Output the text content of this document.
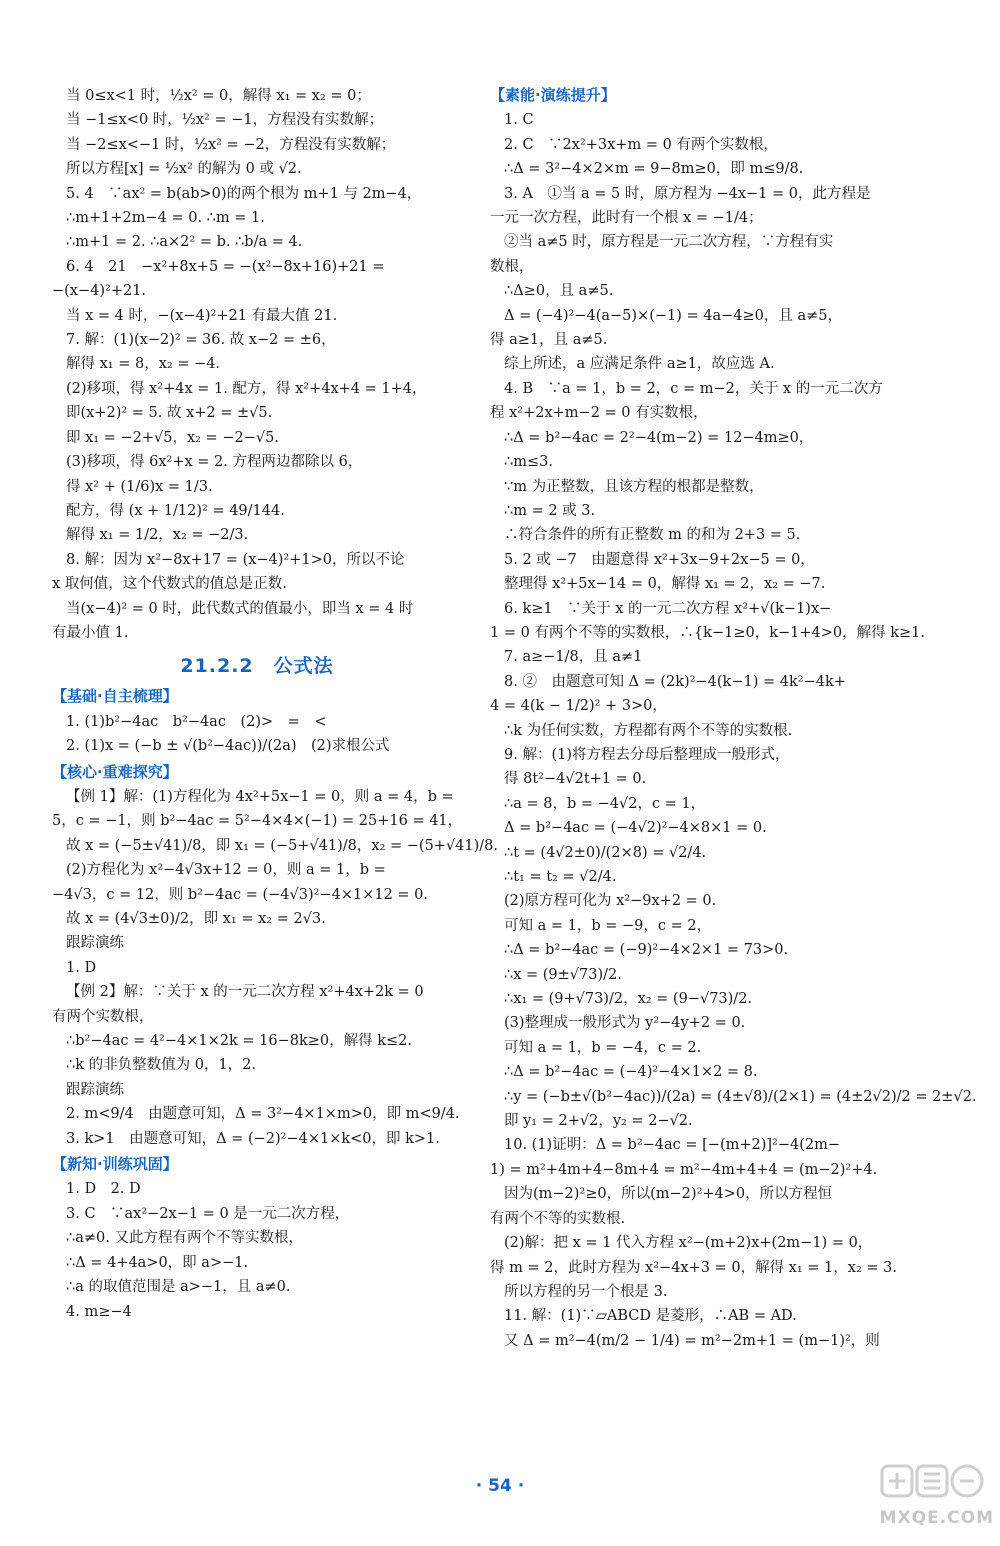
当 0≤x<1 时，½x² = 0，解得 x₁ = x₂ = 0；
当 −1≤x<0 时，½x² = −1，方程没有实数解；
当 −2≤x<−1 时，½x² = −2，方程没有实数解；
所以方程[x] = ½x² 的解为 0 或 √2.
5. 4　∵ax² = b(ab>0)的两个根为 m+1 与 2m−4，
∴m+1+2m−4 = 0. ∴m = 1.
∴m+1 = 2. ∴a×2² = b. ∴b/a = 4.
6. 4　21　−x²+8x+5 = −(x²−8x+16)+21 =
−(x−4)²+21.
当 x = 4 时，−(x−4)²+21 有最大值 21.
7. 解：(1)(x−2)² = 36. 故 x−2 = ±6，
解得 x₁ = 8，x₂ = −4.
(2)移项，得 x²+4x = 1. 配方，得 x²+4x+4 = 1+4，
即(x+2)² = 5. 故 x+2 = ±√5.
即 x₁ = −2+√5，x₂ = −2−√5.
(3)移项，得 6x²+x = 2. 方程两边都除以 6，
得 x² + (1/6)x = 1/3.
配方，得 (x + 1/12)² = 49/144.
解得 x₁ = 1/2，x₂ = −2/3.
8. 解：因为 x²−8x+17 = (x−4)²+1>0，所以不论
x 取何值，这个代数式的值总是正数.
当(x−4)² = 0 时，此代数式的值最小，即当 x = 4 时
有最小值 1.
21.2.2　公式法
【基础·自主梳理】
1. (1)b²−4ac　b²−4ac　(2)>　=　<
2. (1)x = (−b ± √(b²−4ac))/(2a)　(2)求根公式
【核心·重难探究】
【例 1】解：(1)方程化为 4x²+5x−1 = 0，则 a = 4，b =
5，c = −1，则 b²−4ac = 5²−4×4×(−1) = 25+16 = 41，
故 x = (−5±√41)/8，即 x₁ = (−5+√41)/8，x₂ = −(5+√41)/8.
(2)方程化为 x²−4√3x+12 = 0，则 a = 1，b =
−4√3，c = 12，则 b²−4ac = (−4√3)²−4×1×12 = 0.
故 x = (4√3±0)/2，即 x₁ = x₂ = 2√3.
跟踪演练
1. D
【例 2】解：∵关于 x 的一元二次方程 x²+4x+2k = 0
有两个实数根，
∴b²−4ac = 4²−4×1×2k = 16−8k≥0，解得 k≤2.
∴k 的非负整数值为 0，1，2.
跟踪演练
2. m<9/4　由题意可知，Δ = 3²−4×1×m>0，即 m<9/4.
3. k>1　由题意可知，Δ = (−2)²−4×1×k<0，即 k>1.
【新知·训练巩固】
1. D　2. D
3. C　∵ax²−2x−1 = 0 是一元二次方程，
∴a≠0. 又此方程有两个不等实数根，
∴Δ = 4+4a>0，即 a>−1.
∴a 的取值范围是 a>−1，且 a≠0.
4. m≥−4
【素能·演练提升】
1. C
2. C　∵2x²+3x+m = 0 有两个实数根，
∴Δ = 3²−4×2×m = 9−8m≥0，即 m≤9/8.
3. A　①当 a = 5 时，原方程为 −4x−1 = 0，此方程是
一元一次方程，此时有一个根 x = −1/4；
②当 a≠5 时，原方程是一元二次方程，∵方程有实
数根，
∴Δ≥0，且 a≠5.
Δ = (−4)²−4(a−5)×(−1) = 4a−4≥0，且 a≠5，
得 a≥1，且 a≠5.
综上所述，a 应满足条件 a≥1，故应选 A.
4. B　∵a = 1，b = 2，c = m−2，关于 x 的一元二次方
程 x²+2x+m−2 = 0 有实数根，
∴Δ = b²−4ac = 2²−4(m−2) = 12−4m≥0，
∴m≤3.
∵m 为正整数，且该方程的根都是整数，
∴m = 2 或 3.
∴符合条件的所有正整数 m 的和为 2+3 = 5.
5. 2 或 −7　由题意得 x²+3x−9+2x−5 = 0，
整理得 x²+5x−14 = 0，解得 x₁ = 2，x₂ = −7.
6. k≥1　∵关于 x 的一元二次方程 x²+√(k−1)x−
1 = 0 有两个不等的实数根，∴{k−1≥0，k−1+4>0，解得 k≥1.
7. a≥−1/8，且 a≠1
8. ②　由题意可知 Δ = (2k)²−4(k−1) = 4k²−4k+
4 = 4(k − 1/2)² + 3>0，
∴k 为任何实数，方程都有两个不等的实数根.
9. 解：(1)将方程去分母后整理成一般形式，
得 8t²−4√2t+1 = 0.
∴a = 8，b = −4√2，c = 1，
Δ = b²−4ac = (−4√2)²−4×8×1 = 0.
∴t = (4√2±0)/(2×8) = √2/4.
∴t₁ = t₂ = √2/4.
(2)原方程可化为 x²−9x+2 = 0.
可知 a = 1，b = −9，c = 2，
∴Δ = b²−4ac = (−9)²−4×2×1 = 73>0.
∴x = (9±√73)/2.
∴x₁ = (9+√73)/2，x₂ = (9−√73)/2.
(3)整理成一般形式为 y²−4y+2 = 0.
可知 a = 1，b = −4，c = 2.
∴Δ = b²−4ac = (−4)²−4×1×2 = 8.
∴y = (−b±√(b²−4ac))/(2a) = (4±√8)/(2×1) = (4±2√2)/2 = 2±√2.
即 y₁ = 2+√2，y₂ = 2−√2.
10. (1)证明：Δ = b²−4ac = [−(m+2)]²−4(2m−
1) = m²+4m+4−8m+4 = m²−4m+4+4 = (m−2)²+4.
因为(m−2)²≥0，所以(m−2)²+4>0，所以方程恒
有两个不等的实数根.
(2)解：把 x = 1 代入方程 x²−(m+2)x+(2m−1) = 0，
得 m = 2，此时方程为 x²−4x+3 = 0，解得 x₁ = 1，x₂ = 3.
所以方程的另一个根是 3.
11. 解：(1)∵▱ABCD 是菱形，∴AB = AD.
又 Δ = m²−4(m/2 − 1/4) = m²−2m+1 = (m−1)²，则
· 54 ·
MXQE.COM
